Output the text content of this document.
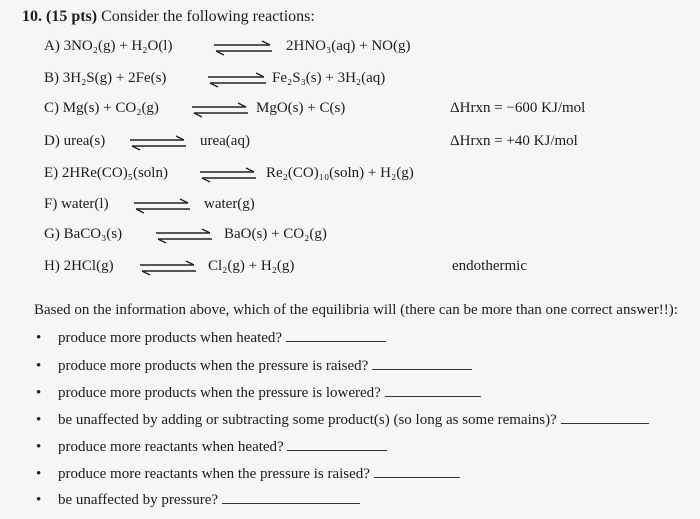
10. (15 pts) Consider the following reactions:
A) 3NO₂(g) + H₂O(l) ⇌ 2HNO₃(aq) + NO(g)
B) 3H₂S(g) + 2Fe(s) ⇌ Fe₂S₃(s) + 3H₂(aq)
C) Mg(s) + CO₂(g) ⇌ MgO(s) + C(s)	ΔHrxn = −600 KJ/mol
D) urea(s) ⇌ urea(aq)	ΔHrxn = +40 KJ/mol
E) 2HRe(CO)₅(soln) ⇌ Re₂(CO)₁₀(soln) + H₂(g)
F) water(l) ⇌ water(g)
G) BaCO₃(s) ⇌ BaO(s) + CO₂(g)
H) 2HCl(g) ⇌ Cl₂(g) + H₂(g)	endothermic
Based on the information above, which of the equilibria will (there can be more than one correct answer!!):
• produce more products when heated?
• produce more products when the pressure is raised?
• produce more products when the pressure is lowered?
• be unaffected by adding or subtracting some product(s) (so long as some remains)?
• produce more reactants when heated?
• produce more reactants when the pressure is raised?
• be unaffected by pressure?
